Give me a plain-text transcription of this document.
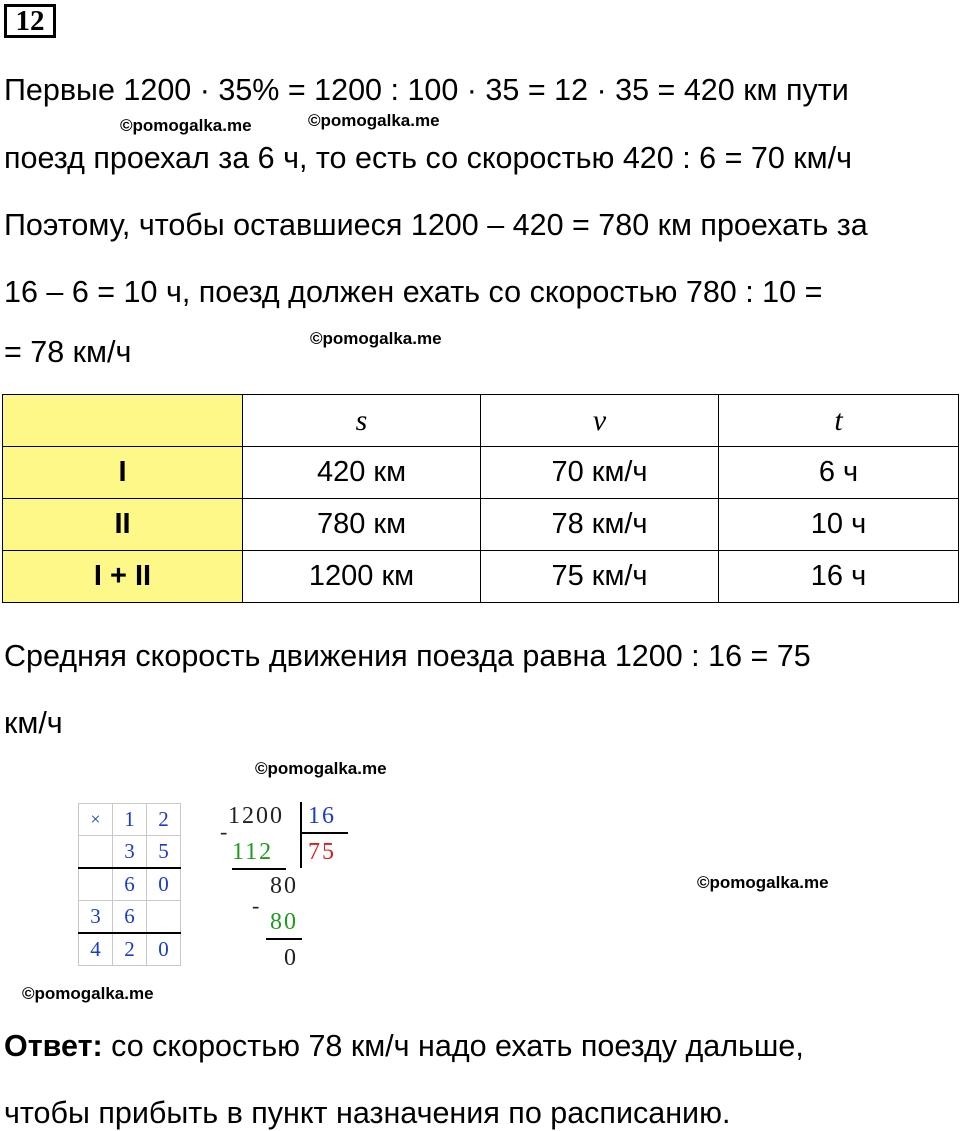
12
Первые 1200 · 35% = 1200 : 100 · 35 = 12 · 35 = 420 км пути
©pomogalka.me	©pomogalka.me
поезд проехал за 6 ч, то есть со скоростью 420 : 6 = 70 км/ч
Поэтому, чтобы оставшиеся 1200 – 420 = 780 км проехать за
16 – 6 = 10 ч, поезд должен ехать со скоростью 780 : 10 =
©pomogalka.me
= 78 км/ч
	s	v	t
I	420 км	70 км/ч	6 ч
II	780 км	78 км/ч	10 ч
I + II	1200 км	75 км/ч	16 ч
Средняя скорость движения поезда равна 1200 : 16 = 75
км/ч
©pomogalka.me
×	1	2
	3	5
	6	0
3	6	
4	2	0
1200 16
-
112 75
80
-
80
0
©pomogalka.me
©pomogalka.me
Ответ: со скоростью 78 км/ч надо ехать поезду дальше,
чтобы прибыть в пункт назначения по расписанию.
